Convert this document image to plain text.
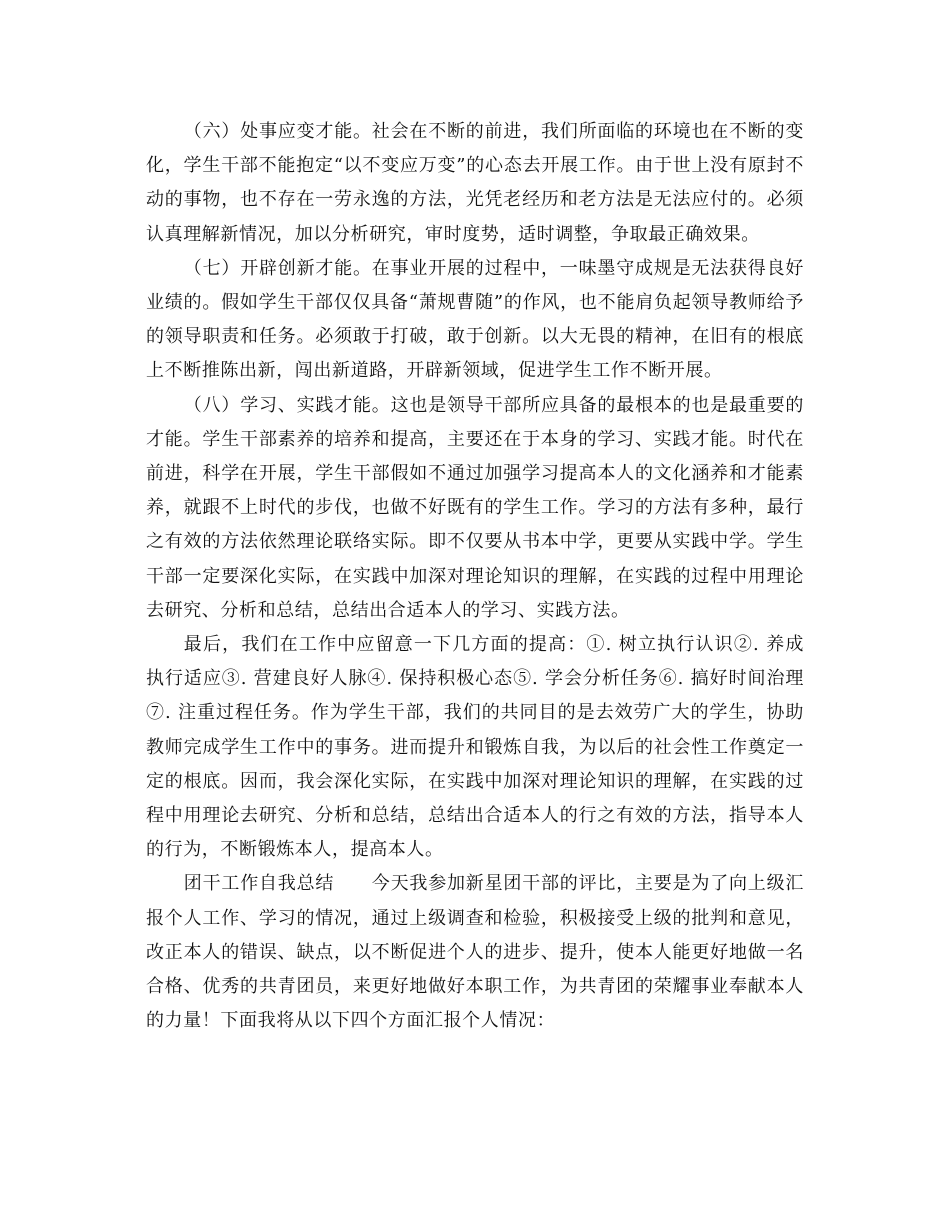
（六）处事应变才能。社会在不断的前进，我们所面临的环境也在不断的变化，学生干部不能抱定“以不变应万变”的心态去开展工作。由于世上没有原封不动的事物，也不存在一劳永逸的方法，光凭老经历和老方法是无法应付的。必须认真理解新情况，加以分析研究，审时度势，适时调整，争取最正确效果。

（七）开辟创新才能。在事业开展的过程中，一味墨守成规是无法获得良好业绩的。假如学生干部仅仅具备“萧规曹随”的作风，也不能肩负起领导教师给予的领导职责和任务。必须敢于打破，敢于创新。以大无畏的精神，在旧有的根底上不断推陈出新，闯出新道路，开辟新领域，促进学生工作不断开展。

（八）学习、实践才能。这也是领导干部所应具备的最根本的也是最重要的才能。学生干部素养的培养和提高，主要还在于本身的学习、实践才能。时代在前进，科学在开展，学生干部假如不通过加强学习提高本人的文化涵养和才能素养，就跟不上时代的步伐，也做不好既有的学生工作。学习的方法有多种，最行之有效的方法依然理论联络实际。即不仅要从书本中学，更要从实践中学。学生干部一定要深化实际，在实践中加深对理论知识的理解，在实践的过程中用理论去研究、分析和总结，总结出合适本人的学习、实践方法。

最后，我们在工作中应留意一下几方面的提高：①. 树立执行认识②. 养成执行适应③. 营建良好人脉④. 保持积极心态⑤. 学会分析任务⑥. 搞好时间治理⑦. 注重过程任务。作为学生干部，我们的共同目的是去效劳广大的学生，协助教师完成学生工作中的事务。进而提升和锻炼自我，为以后的社会性工作奠定一定的根底。因而，我会深化实际，在实践中加深对理论知识的理解，在实践的过程中用理论去研究、分析和总结，总结出合适本人的行之有效的方法，指导本人的行为，不断锻炼本人，提高本人。

团干工作自我总结　　今天我参加新星团干部的评比，主要是为了向上级汇报个人工作、学习的情况，通过上级调查和检验，积极接受上级的批判和意见，改正本人的错误、缺点，以不断促进个人的进步、提升，使本人能更好地做一名合格、优秀的共青团员，来更好地做好本职工作，为共青团的荣耀事业奉献本人的力量！下面我将从以下四个方面汇报个人情况：
